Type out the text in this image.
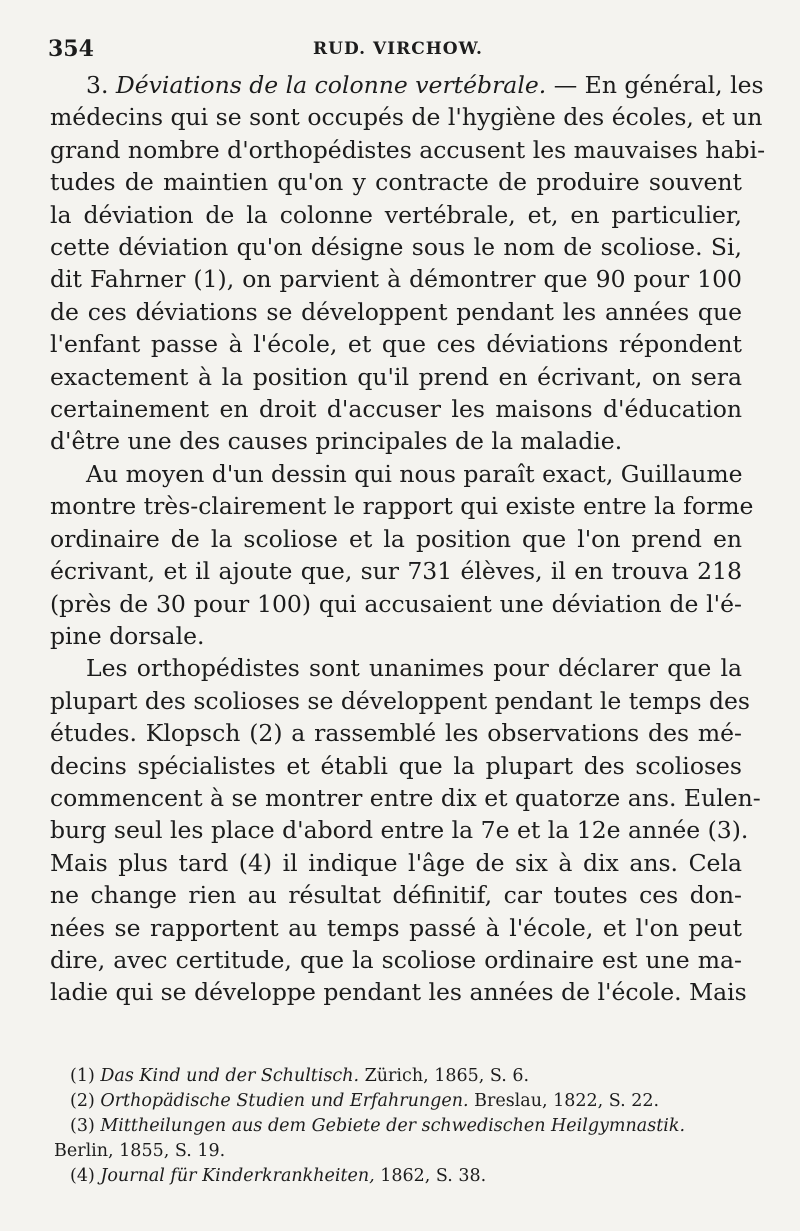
354	RUD. VIRCHOW.
3. Déviations de la colonne vertébrale. — En général, les
médecins qui se sont occupés de l'hygiène des écoles, et un
grand nombre d'orthopédistes accusent les mauvaises habi-
tudes de maintien qu'on y contracte de produire souvent
la déviation de la colonne vertébrale, et, en particulier,
cette déviation qu'on désigne sous le nom de scoliose. Si,
dit Fahrner (1), on parvient à démontrer que 90 pour 100
de ces déviations se développent pendant les années que
l'enfant passe à l'école, et que ces déviations répondent
exactement à la position qu'il prend en écrivant, on sera
certainement en droit d'accuser les maisons d'éducation
d'être une des causes principales de la maladie.
Au moyen d'un dessin qui nous paraît exact, Guillaume
montre très-clairement le rapport qui existe entre la forme
ordinaire de la scoliose et la position que l'on prend en
écrivant, et il ajoute que, sur 731 élèves, il en trouva 218
(près de 30 pour 100) qui accusaient une déviation de l'é-
pine dorsale.
Les orthopédistes sont unanimes pour déclarer que la
plupart des scolioses se développent pendant le temps des
études. Klopsch (2) a rassemblé les observations des mé-
decins spécialistes et établi que la plupart des scolioses
commencent à se montrer entre dix et quatorze ans. Eulen-
burg seul les place d'abord entre la 7e et la 12e année (3).
Mais plus tard (4) il indique l'âge de six à dix ans. Cela
ne change rien au résultat définitif, car toutes ces don-
nées se rapportent au temps passé à l'école, et l'on peut
dire, avec certitude, que la scoliose ordinaire est une ma-
ladie qui se développe pendant les années de l'école. Mais

(1) Das Kind und der Schultisch. Zürich, 1865, S. 6.

(2) Orthopädische Studien und Erfahrungen. Breslau, 1822, S. 22.

(3) Mittheilungen aus dem Gebiete der schwedischen Heilgymnastik.

Berlin, 1855, S. 19.

(4) Journal für Kinderkrankheiten, 1862, S. 38.
